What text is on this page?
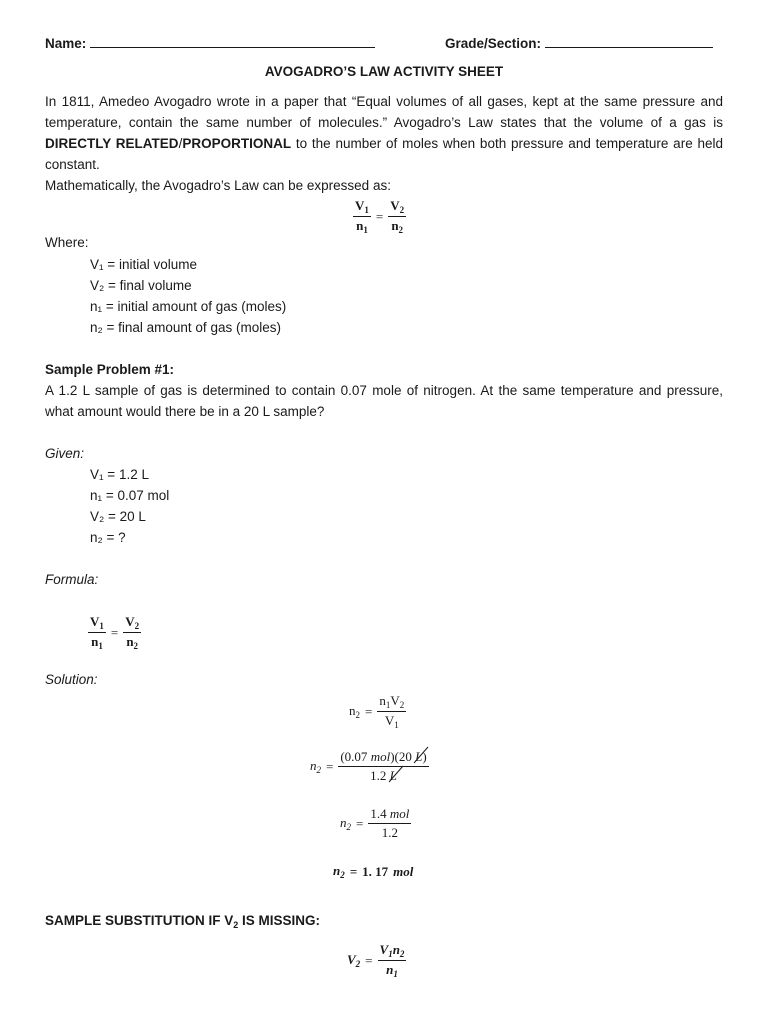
Name:	Grade/Section:
AVOGADRO’S LAW ACTIVITY SHEET
In 1811, Amedeo Avogadro wrote in a paper that “Equal volumes of all gases, kept at the same pressure and temperature, contain the same number of molecules.” Avogadro’s Law states that the volume of a gas is DIRECTLY RELATED/PROPORTIONAL to the number of moles when both pressure and temperature are held constant.
Mathematically, the Avogadro’s Law can be expressed as:
$\frac{V_1}{n_1} = \frac{V_2}{n_2}$
Where:
V₁ = initial volume
V₂ = final volume
n₁ = initial amount of gas (moles)
n₂ = final amount of gas (moles)
Sample Problem #1:
A 1.2 L sample of gas is determined to contain 0.07 mole of nitrogen. At the same temperature and pressure, what amount would there be in a 20 L sample?
Given:
V₁ = 1.2 L
n₁ = 0.07 mol
V₂ = 20 L
n₂ = ?
Formula:
$\frac{V_1}{n_1} = \frac{V_2}{n_2}$
Solution:
$n_2 = \frac{n_1V_2}{V_1}$
$n_2 = (0.07$ mol)(20 L
)
1.2 L
$n_2 = \frac{\text{1.4 mol}}{1.2}$
$n_2 = 1$. 17 mol
SAMPLE SUBSTITUTION IF $V_2$ IS MISSING:
$V_2 = \frac{V_1n_2}{n_1}$
